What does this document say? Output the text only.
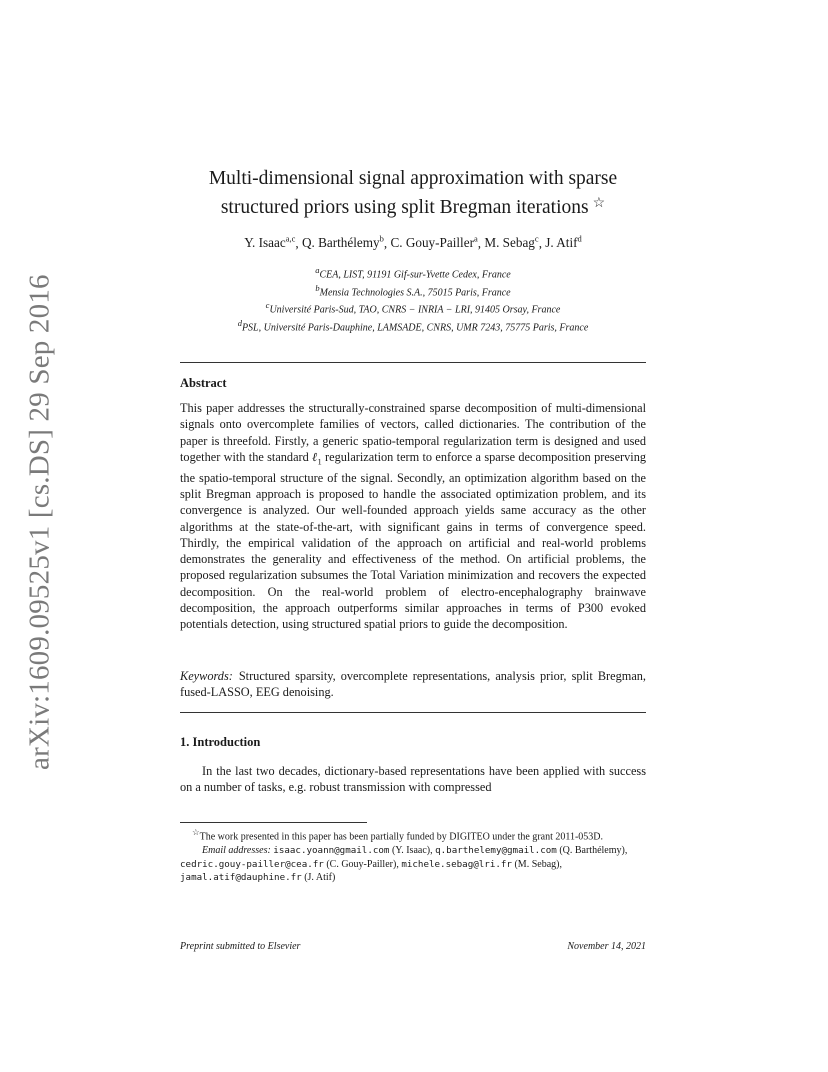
arXiv:1609.09525v1 [cs.DS] 29 Sep 2016
Multi-dimensional signal approximation with sparse
structured priors using split Bregman iterations ☆
Y. Isaac$^{a,c}$, Q. Barthélemy$^b$, C. Gouy-Pailler$^a$, M. Sebag$^c$, J. Atif$^d$
$^a$CEA, LIST, 91191 Gif-sur-Yvette Cedex, France
$^b$Mensia Technologies S.A., 75015 Paris, France
$^c$Université Paris-Sud, TAO, CNRS − INRIA − LRI, 91405 Orsay, France
$^d$PSL, Université Paris-Dauphine, LAMSADE, CNRS, UMR 7243, 75775 Paris, France
Abstract
This paper addresses the structurally-constrained sparse decomposition of multi-dimensional signals onto overcomplete families of vectors, called dictionaries. The contribution of the paper is threefold. Firstly, a generic spatio-temporal regularization term is designed and used together with the standard ℓ$_1$ regularization term to enforce a sparse decomposition preserving the spatio-temporal structure of the signal. Secondly, an optimization algorithm based on the split Bregman approach is proposed to handle the associated optimization problem, and its convergence is analyzed. Our well-founded approach yields same accuracy as the other algorithms at the state-of-the-art, with significant gains in terms of convergence speed. Thirdly, the empirical validation of the approach on artificial and real-world problems demonstrates the generality and effectiveness of the method. On artificial problems, the proposed regularization subsumes the Total Variation minimization and recovers the expected decomposition. On the real-world problem of electro-encephalography brainwave decomposition, the approach outperforms similar approaches in terms of P300 evoked potentials detection, using structured spatial priors to guide the decomposition.
Keywords: Structured sparsity, overcomplete representations, analysis prior, split Bregman, fused-LASSO, EEG denoising.
1. Introduction
In the last two decades, dictionary-based representations have been applied with success on a number of tasks, e.g. robust transmission with compressed

☆The work presented in this paper has been partially funded by DIGITEO under the grant 2011-053D.

Email addresses: isaac.yoann@gmail.com (Y. Isaac), q.barthelemy@gmail.com (Q. Barthélemy), cedric.gouy-pailler@cea.fr (C. Gouy-Pailler), michele.sebag@lri.fr (M. Sebag), jamal.atif@dauphine.fr (J. Atif)

Preprint submitted to Elsevier	November 14, 2021
